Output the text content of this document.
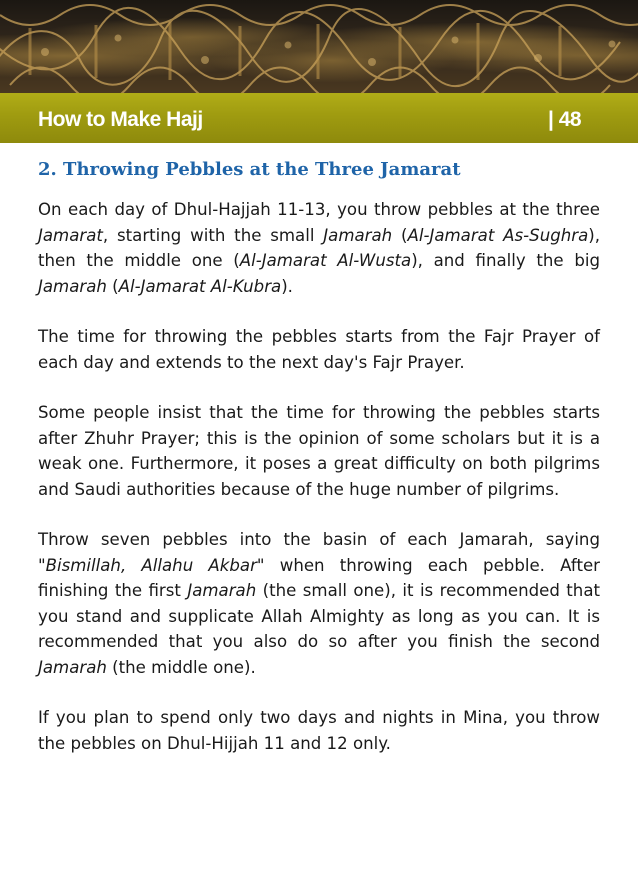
How to Make Hajj	| 48
2. Throwing Pebbles at the Three Jamarat

On each day of Dhul-Hajjah 11-13, you throw pebbles at the three Jamarat, starting with the small Jamarah (Al-Jamarat As-Sughra), then the middle one (Al-Jamarat Al-Wusta), and finally the big Jamarah (Al-Jamarat Al-Kubra).

The time for throwing the pebbles starts from the Fajr Prayer of each day and extends to the next day's Fajr Prayer.

Some people insist that the time for throwing the pebbles starts after Zhuhr Prayer; this is the opinion of some scholars but it is a weak one. Furthermore, it poses a great difficulty on both pilgrims and Saudi authorities because of the huge number of pilgrims.

Throw seven pebbles into the basin of each Jamarah, saying "Bismillah, Allahu Akbar" when throwing each pebble. After finishing the first Jamarah (the small one), it is recommended that you stand and supplicate Allah Almighty as long as you can. It is recommended that you also do so after you finish the second Jamarah (the middle one).

If you plan to spend only two days and nights in Mina, you throw the pebbles on Dhul-Hijjah 11 and 12 only.
